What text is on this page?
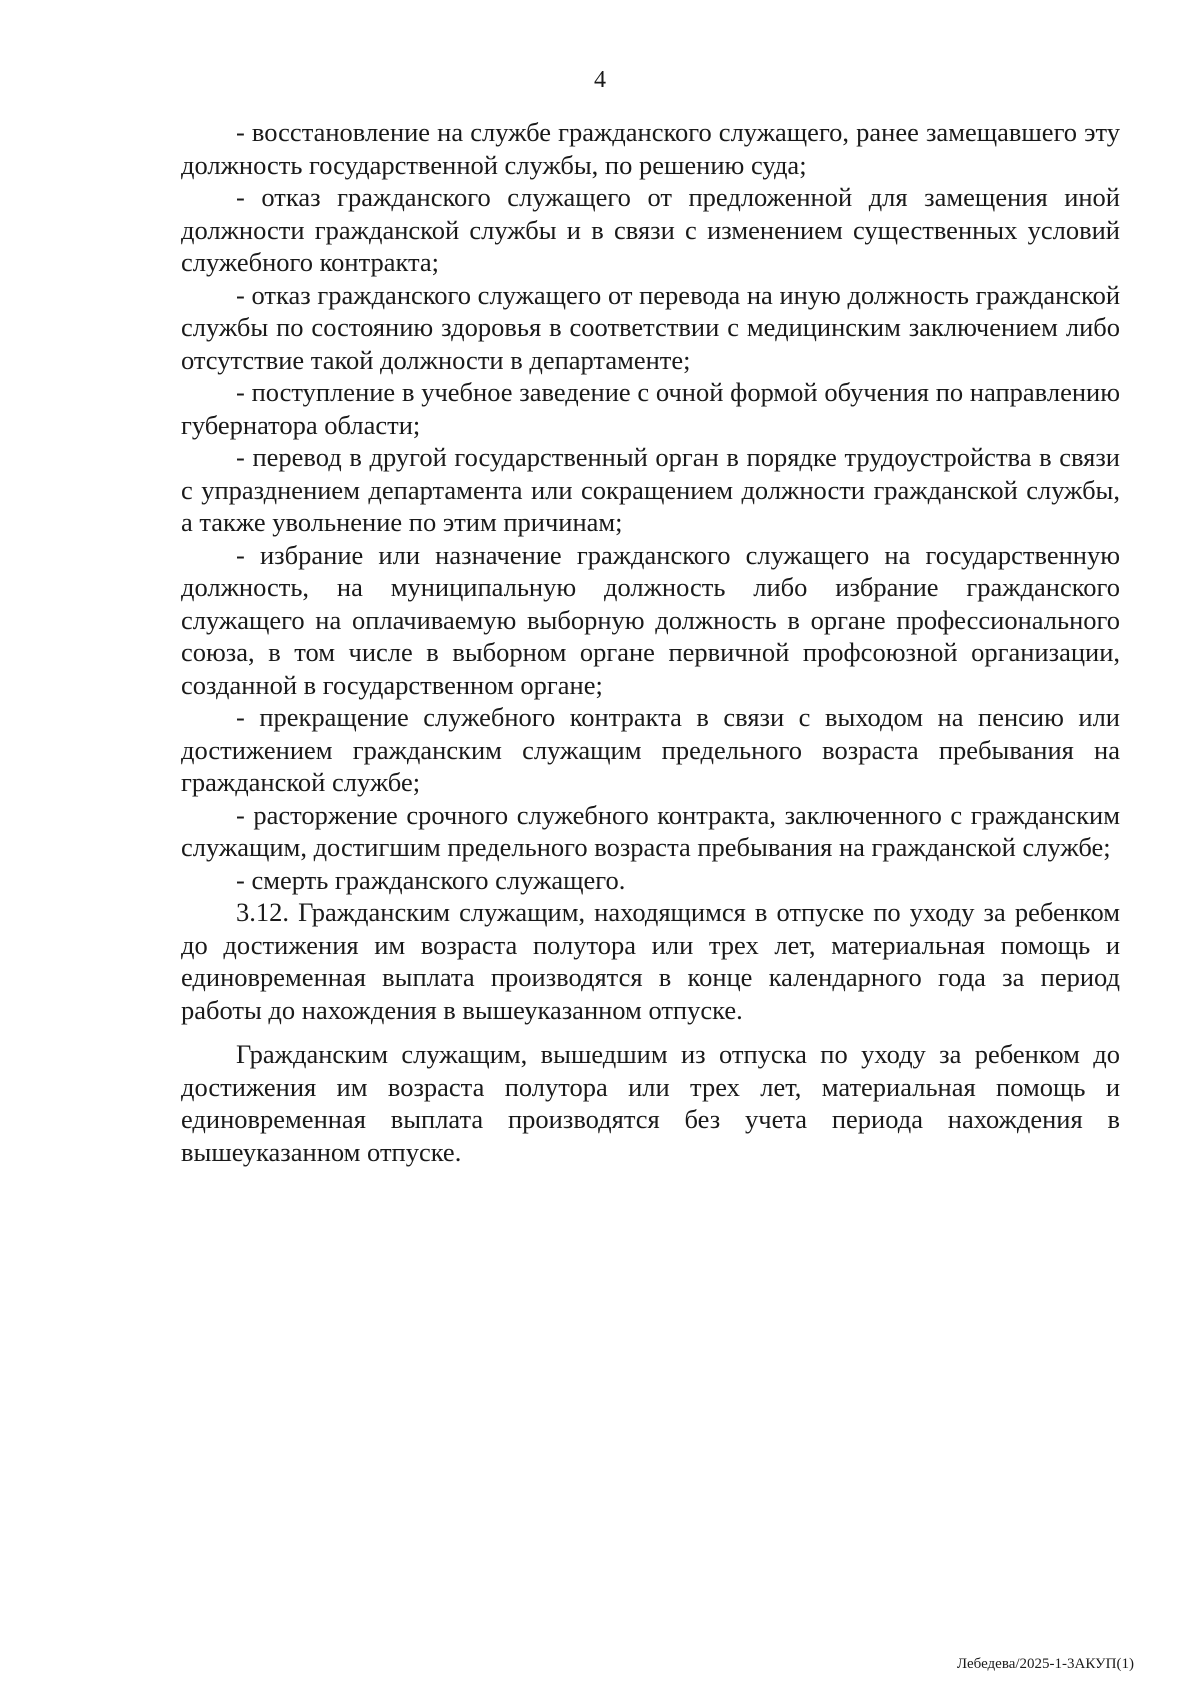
4

- восстановление на службе гражданского служащего, ранее замещавшего эту должность государственной службы, по решению суда;

- отказ гражданского служащего от предложенной для замещения иной должности гражданской службы и в связи с изменением существенных условий служебного контракта;

- отказ гражданского служащего от перевода на иную должность гражданской службы по состоянию здоровья в соответствии с медицинским заключением либо отсутствие такой должности в департаменте;

- поступление в учебное заведение с очной формой обучения по направлению губернатора области;

- перевод в другой государственный орган в порядке трудоустройства в связи с упразднением департамента или сокращением должности гражданской службы, а также увольнение по этим причинам;

- избрание или назначение гражданского служащего на государственную должность, на муниципальную должность либо избрание гражданского служащего на оплачиваемую выборную должность в органе профессионального союза, в том числе в выборном органе первичной профсоюзной организации, созданной в государственном органе;

- прекращение служебного контракта в связи с выходом на пенсию или достижением гражданским служащим предельного возраста пребывания на гражданской службе;

- расторжение срочного служебного контракта, заключенного с гражданским служащим, достигшим предельного возраста пребывания на гражданской службе;

- смерть гражданского служащего.

3.12. Гражданским служащим, находящимся в отпуске по уходу за ребенком до достижения им возраста полутора или трех лет, материальная помощь и единовременная выплата производятся в конце календарного года за период работы до нахождения в вышеуказанном отпуске.

Гражданским служащим, вышедшим из отпуска по уходу за ребенком до достижения им возраста полутора или трех лет, материальная помощь и единовременная выплата производятся без учета периода нахождения в вышеуказанном отпуске.

Лебедева/2025-1-3АКУП(1)
